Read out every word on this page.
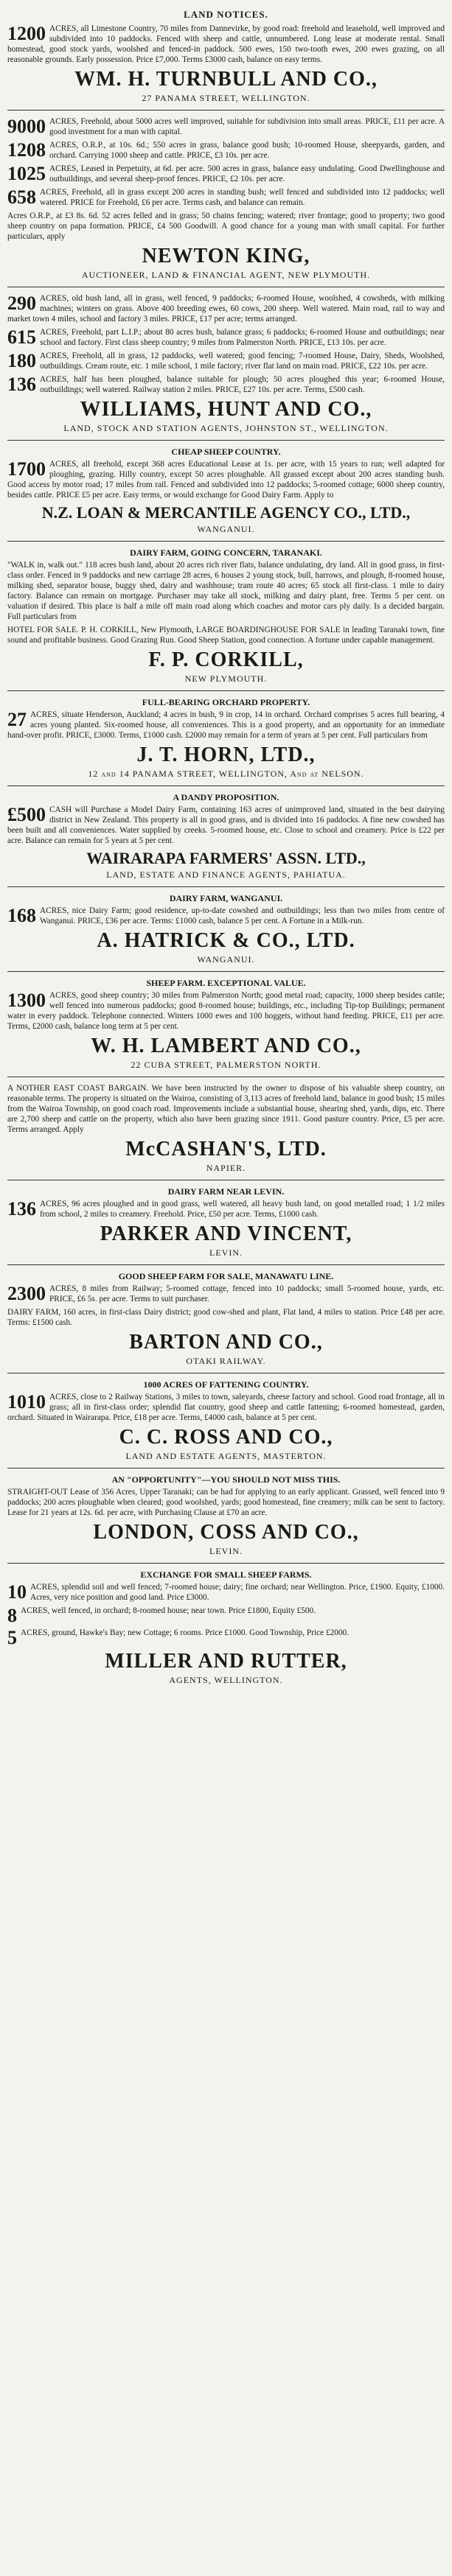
LAND NOTICES.
1200 ACRES, all Limestone Country, 70 miles from Dannevirke, by good road: freehold and leasehold, well improved and subdivided into 10 paddocks. Fenced with sheep and cattle, unnumbered. Long lease at moderate rental. Small homestead, good stock yards, woolshed and fenced-in paddock. 500 ewes, 150 two-tooth ewes, 200 ewes grazing, on all reasonable grounds. Early possession. Price £7,000. Terms £3000 cash, balance on easy terms.
WM. H. TURNBULL AND CO.,
27 PANAMA STREET, WELLINGTON.
9000 ACRES, Freehold, about 5000 acres well improved, suitable for subdivision into small areas. PRICE, £11 per acre. A good investment for a man with capital.
1208 ACRES, O.R.P., at 10s. 6d.; 550 acres in grass, balance good bush; 10-roomed House, sheepyards, garden, and orchard. Carrying 1000 sheep and cattle. PRICE, £3 10s. per acre.
1025 ACRES, Leased in Perpetuity, at 6d. per acre. 500 acres in grass, balance easy undulating. Good Dwellinghouse and outbuildings, and several sheep-proof fences. PRICE, £2 10s. per acre.
658 ACRES, Freehold, all in grass except 200 acres in standing bush; well fenced and subdivided into 12 paddocks; well watered. PRICE for Freehold, £6 per acre. Terms cash, and balance can remain.
Acres O.R.P., at £3 8s. 6d. 52 acres felled and in grass; 50 chains fencing; watered; river frontage; good to property; two good sheep country on papa formation. PRICE, £4 500 Goodwill. A good chance for a young man with small capital. For further particulars, apply
NEWTON KING,
AUCTIONEER, LAND & FINANCIAL AGENT, NEW PLYMOUTH.
290 ACRES, old bush land, all in grass, well fenced, 9 paddocks; 6-roomed House, woolshed, 4 cowsheds, with milking machines; winters on grass. Above 400 breeding ewes, 60 cows, 200 sheep. Well watered. Main road, rail to way and market town 4 miles, school and factory 3 miles. PRICE, £17 per acre; terms arranged.
615 ACRES, Freehold, part L.I.P.; about 80 acres bush, balance grass; 6 paddocks; 6-roomed House and outbuildings; near school and factory. First class sheep country; 9 miles from Palmerston North. PRICE, £13 10s. per acre.
180 ACRES, Freehold, all in grass, 12 paddocks, well watered; good fencing; 7-roomed House, Dairy, Sheds, Woolshed, outbuildings. Cream route, etc. 1 mile school, 1 mile factory; river flat land on main road. PRICE, £22 10s. per acre.
136 ACRES, half has been ploughed, balance suitable for plough; 50 acres ploughed this year; 6-roomed House, outbuildings; well watered. Railway station 2 miles. PRICE, £27 10s. per acre. Terms, £500 cash.
WILLIAMS, HUNT AND CO.,
LAND, STOCK AND STATION AGENTS, JOHNSTON ST., WELLINGTON.
CHEAP SHEEP COUNTRY.
1700 ACRES, all freehold, except 368 acres Educational Lease at 1s. per acre, with 15 years to run; well adapted for ploughing, grazing. Hilly country, except 50 acres ploughable. All grassed except about 200 acres standing bush. Good access by motor road; 17 miles from rail. Fenced and subdivided into 12 paddocks; 5-roomed cottage; 6000 sheep country, besides cattle. PRICE £5 per acre. Easy terms, or would exchange for Good Dairy Farm. Apply to
N.Z. LOAN & MERCANTILE AGENCY CO., LTD.,
WANGANUI.
DAIRY FARM, GOING CONCERN, TARANAKI.
"WALK in, walk out." 118 acres bush land, about 20 acres rich river flats, balance undulating, dry land. All in good grass, in first-class order. Fenced in 9 paddocks and new carriage 28 acres, 6 houses 2 young stock, bull, harrows, and plough, 8-roomed house, milking shed, separator house, buggy shed, dairy and washhouse; tram route 40 acres; 65 stock all first-class. 1 mile to dairy factory. Balance can remain on mortgage. Purchaser may take all stock, milking and dairy plant, free. Terms 5 per cent. on valuation if desired. This place is half a mile off main road along which coaches and motor cars ply daily. Is a decided bargain. Full particulars from
HOTEL FOR SALE. P. H. CORKILL, New Plymouth, LARGE BOARDINGHOUSE FOR SALE in leading Taranaki town, fine sound and profitable business. Good Grazing Run. Good Sheep Station, good connection. A fortune under capable management.
F. P. CORKILL,
NEW PLYMOUTH.
FULL-BEARING ORCHARD PROPERTY.
27 ACRES, situate Henderson, Auckland; 4 acres in bush, 9 in crop, 14 in orchard. Orchard comprises 5 acres full bearing, 4 acres young planted. Six-roomed house, all conveniences. This is a good property, and an opportunity for an immediate hand-over profit. PRICE, £3000. Terms, £1000 cash. £2000 may remain for a term of years at 5 per cent. Full particulars from
J. T. HORN, LTD.,
12 and 14 PANAMA STREET, WELLINGTON, And at NELSON.
A DANDY PROPOSITION.
£500 CASH will Purchase a Model Dairy Farm, containing 163 acres of unimproved land, situated in the best dairying district in New Zealand. This property is all in good grass, and is divided into 16 paddocks. A fine new cowshed has been built and all conveniences. Water supplied by creeks. 5-roomed house, etc. Close to school and creamery. Price is £22 per acre. Balance can remain for 5 years at 5 per cent.
WAIRARAPA FARMERS' ASSN. LTD.,
LAND, ESTATE AND FINANCE AGENTS, PAHIATUA.
DAIRY FARM, WANGANUI.
168 ACRES, nice Dairy Farm; good residence, up-to-date cowshed and outbuildings; less than two miles from centre of Wanganui. PRICE, £36 per acre. Terms: £1000 cash, balance 5 per cent. A Fortune in a Milk-run.
A. HATRICK & CO., LTD.
WANGANUI.
SHEEP FARM. EXCEPTIONAL VALUE.
1300 ACRES, good sheep country; 30 miles from Palmerston North; good metal road; capacity, 1000 sheep besides cattle; well fenced into numerous paddocks; good 8-roomed house; buildings, etc., including Tip-top Buildings; permanent water in every paddock. Telephone connected. Winters 1000 ewes and 100 hoggets, without hand feeding. PRICE, £11 per acre. Terms, £2000 cash, balance long term at 5 per cent.
W. H. LAMBERT AND CO.,
22 CUBA STREET, PALMERSTON NORTH.
A NOTHER EAST COAST BARGAIN. We have been instructed by the owner to dispose of his valuable sheep country, on reasonable terms. The property is situated on the Wairoa, consisting of 3,113 acres of freehold land, balance in good bush; 15 miles from the Wairoa Township, on good coach road. Improvements include a substantial house, shearing shed, yards, dips, etc. There are 2,700 sheep and cattle on the property, which also have been grazing since 1911. Good pasture country. Price, £5 per acre. Terms arranged. Apply
McCASHAN'S, LTD.
NAPIER.
DAIRY FARM NEAR LEVIN.
136 ACRES, 96 acres ploughed and in good grass, well watered, all heavy bush land, on good metalled road; 1 1/2 miles from school, 2 miles to creamery. Freehold. Price, £50 per acre. Terms, £1000 cash.
PARKER AND VINCENT,
LEVIN.
GOOD SHEEP FARM FOR SALE, MANAWATU LINE.
2300 ACRES, 8 miles from Railway; 5-roomed cottage, fenced into 10 paddocks; small 5-roomed house, yards, etc. PRICE, £6 5s. per acre. Terms to suit purchaser.
DAIRY FARM, 160 acres, in first-class Dairy district; good cow-shed and plant, Flat land, 4 miles to station. Price £48 per acre. Terms: £1500 cash.
BARTON AND CO.,
OTAKI RAILWAY.
1000 ACRES OF FATTENING COUNTRY.
1010 ACRES, close to 2 Railway Stations, 3 miles to town, saleyards, cheese factory and school. Good road frontage, all in grass; all in first-class order; splendid flat country, good sheep and cattle fattening; 6-roomed homestead, garden, orchard. Situated in Wairarapa. Price, £18 per acre. Terms, £4000 cash, balance at 5 per cent.
C. C. ROSS AND CO.,
LAND AND ESTATE AGENTS, MASTERTON.
AN "OPPORTUNITY"—YOU SHOULD NOT MISS THIS.
STRAIGHT-OUT Lease of 356 Acres, Upper Taranaki; can be had for applying to an early applicant. Grassed, well fenced into 9 paddocks; 200 acres ploughable when cleared; good woolshed, yards; good homestead, fine creamery; milk can be sent to factory. Lease for 21 years at 12s. 6d. per acre, with Purchasing Clause at £70 an acre.
LONDON, COSS AND CO.,
LEVIN.
EXCHANGE FOR SMALL SHEEP FARMS.
10 ACRES, splendid soil and well fenced; 7-roomed house; dairy; fine orchard; near Wellington. Price, £1900. Equity, £1000. Acres, very nice position and good land. Price £3000.
8 ACRES, well fenced, in orchard; 8-roomed house; near town. Price £1800, Equity £500.
5 ACRES, ground, Hawke's Bay; new Cottage; 6 rooms. Price £1000. Good Township, Price £2000.
MILLER AND RUTTER,
AGENTS, WELLINGTON.
